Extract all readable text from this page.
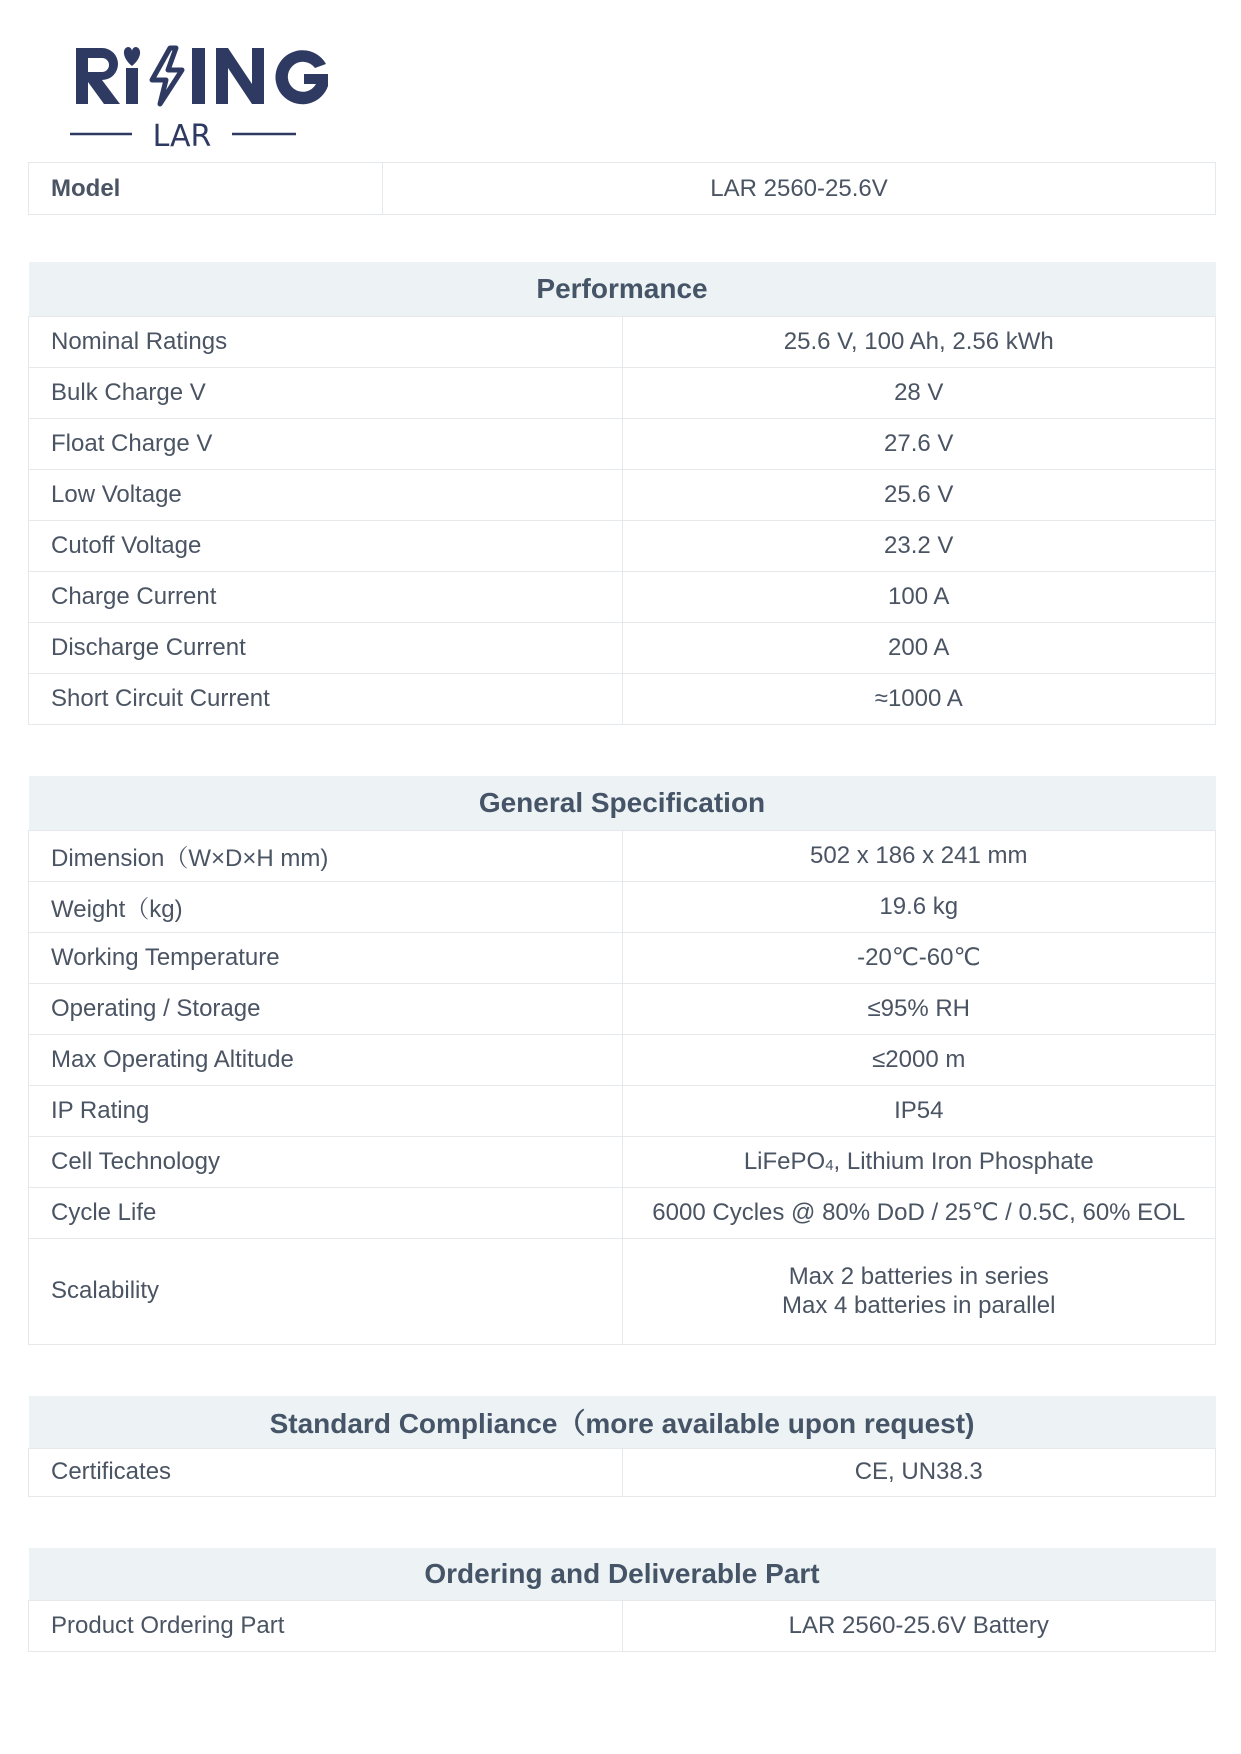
LAR
Model	LAR 2560-25.6V
Performance	
Nominal Ratings	25.6 V, 100 Ah, 2.56 kWh
Bulk Charge V	28 V
Float Charge V	27.6 V
Low Voltage	25.6 V
Cutoff Voltage	23.2 V
Charge Current	100 A
Discharge Current	200 A
Short Circuit Current	≈1000 A
General Specification	
Dimension（W×D×H mm)	502 x 186 x 241 mm
Weight（kg)	19.6 kg
Working Temperature	-20℃-60℃
Operating / Storage	≤95% RH
Max Operating Altitude	≤2000 m
IP Rating	IP54
Cell Technology	LiFePO4, Lithium Iron Phosphate
Cycle Life	6000 Cycles @ 80% DoD / 25℃ / 0.5C, 60% EOL
Scalability	Max 2 batteries in series
Max 4 batteries in parallel
Standard Compliance（more available upon request)
Certificates	CE, UN38.3
Ordering and Deliverable Part
Product Ordering Part	LAR 2560-25.6V Battery
